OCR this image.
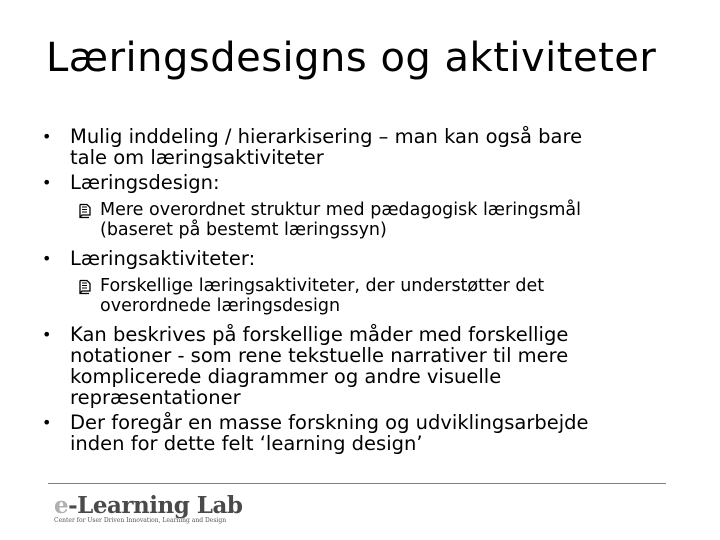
Læringsdesigns og aktiviteter
• Mulig inddeling / hierarkisering – man kan også bare
tale om læringsaktiviteter
• Læringsdesign:
Mere overordnet struktur med pædagogisk læringsmål
(baseret på bestemt læringssyn)
• Læringsaktiviteter:
Forskellige læringsaktiviteter, der understøtter det
overordnede læringsdesign
• Kan beskrives på forskellige måder med forskellige
notationer - som rene tekstuelle narrativer til mere
komplicerede diagrammer og andre visuelle
repræsentationer
• Der foregår en masse forskning og udviklingsarbejde
inden for dette felt ‘learning design’
e-Learning Lab
Center for User Driven Innovation, Learning and Design
